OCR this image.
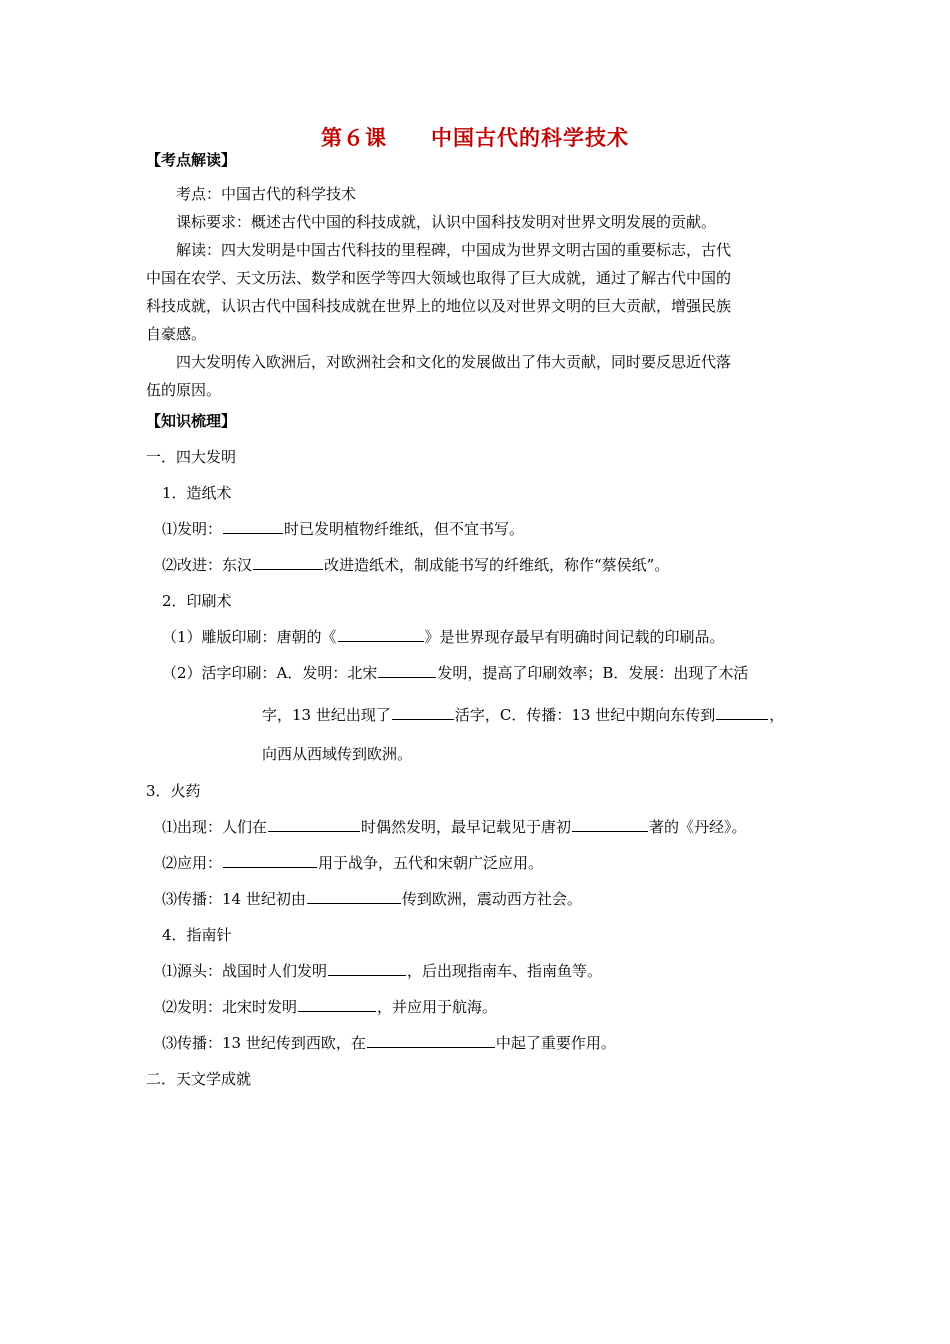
第６课　　中国古代的科学技术
【考点解读】
考点：中国古代的科学技术
课标要求：概述古代中国的科技成就，认识中国科技发明对世界文明发展的贡献。
解读：四大发明是中国古代科技的里程碑，中国成为世界文明古国的重要标志，古代
中国在农学、天文历法、数学和医学等四大领域也取得了巨大成就，通过了解古代中国的
科技成就，认识古代中国科技成就在世界上的地位以及对世界文明的巨大贡献，增强民族
自豪感。
四大发明传入欧洲后，对欧洲社会和文化的发展做出了伟大贡献，同时要反思近代落
伍的原因。
【知识梳理】
一．四大发明
1．造纸术
⑴发明：	时已发明植物纤维纸，但不宜书写。
⑵改进：东汉	改进造纸术，制成能书写的纤维纸，称作“蔡侯纸”。
2．印刷术
（1）雕版印刷：唐朝的《	》是世界现存最早有明确时间记载的印刷品。
（2）活字印刷：A．发明：北宋	发明，提高了印刷效率；B．发展：出现了木活
字，13 世纪出现了	活字，C．传播：13 世纪中期向东传到	，
向西从西域传到欧洲。
3．火药
⑴出现：人们在	时偶然发明，最早记载见于唐初	著的《丹经》。
⑵应用：	用于战争，五代和宋朝广泛应用。
⑶传播：14 世纪初由	传到欧洲，震动西方社会。
4．指南针
⑴源头：战国时人们发明	，后出现指南车、指南鱼等。
⑵发明：北宋时发明	，并应用于航海。
⑶传播：13 世纪传到西欧，在	中起了重要作用。
二．天文学成就
